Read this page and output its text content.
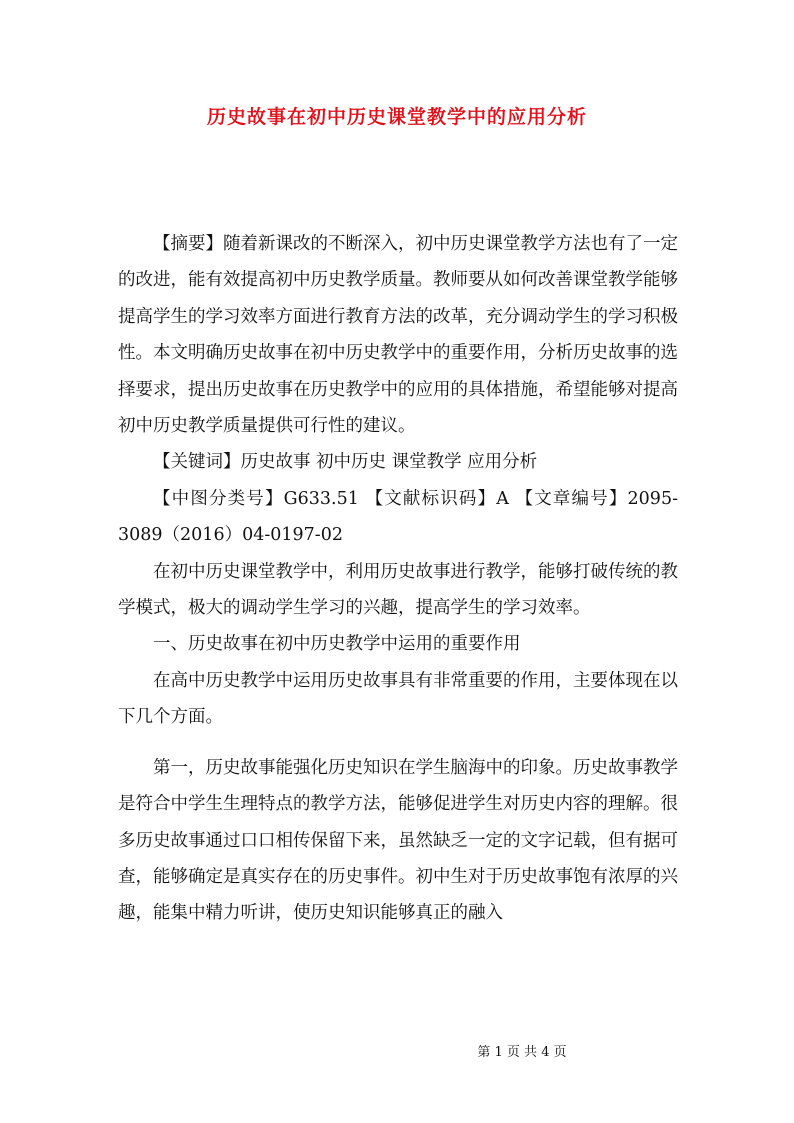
历史故事在初中历史课堂教学中的应用分析

【摘要】随着新课改的不断深入，初中历史课堂教学方法也有了一定的改进，能有效提高初中历史教学质量。教师要从如何改善课堂教学能够提高学生的学习效率方面进行教育方法的改革，充分调动学生的学习积极性。本文明确历史故事在初中历史教学中的重要作用，分析历史故事的选择要求，提出历史故事在历史教学中的应用的具体措施，希望能够对提高初中历史教学质量提供可行性的建议。

【关键词】历史故事 初中历史 课堂教学 应用分析

【中图分类号】G633.51 【文献标识码】A 【文章编号】2095-3089（2016）04-0197-02

在初中历史课堂教学中，利用历史故事进行教学，能够打破传统的教学模式，极大的调动学生学习的兴趣，提高学生的学习效率。

一、历史故事在初中历史教学中运用的重要作用

在高中历史教学中运用历史故事具有非常重要的作用，主要体现在以下几个方面。

第一，历史故事能强化历史知识在学生脑海中的印象。历史故事教学是符合中学生生理特点的教学方法，能够促进学生对历史内容的理解。很多历史故事通过口口相传保留下来，虽然缺乏一定的文字记载，但有据可查，能够确定是真实存在的历史事件。初中生对于历史故事饱有浓厚的兴趣，能集中精力听讲，使历史知识能够真正的融入

第 1 页 共 4 页
